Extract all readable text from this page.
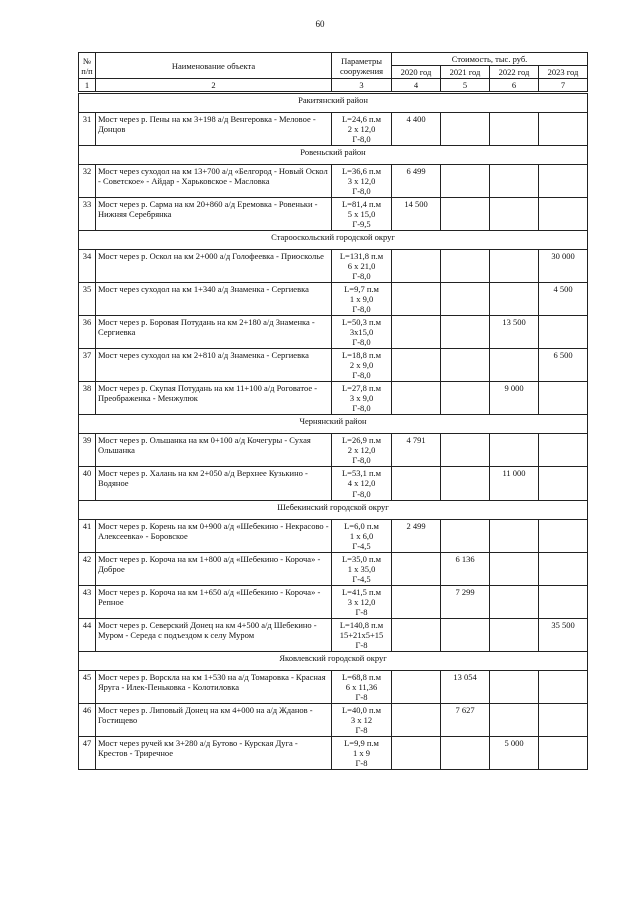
60
№ п/п	Наименование объекта	Параметры сооружения	Стоимость, тыс. руб.			
			2020 год	2021 год	2022 год	2023 год
1	2	3	4	5	6	7
Ракитянский район						
31	Мост через р. Пены на км 3+198 а/д Венгеровка - Меловое - Донцов	L=24,6 п.м
2 х 12,0
Г-8,0	4 400			
Ровеньский район						
32	Мост через суходол на км 13+700 а/д «Белгород - Новый Оскол - Советское» - Айдар - Харьковское - Масловка	L=36,6 п.м
3 х 12,0
Г-8,0	6 499			
33	Мост через р. Сарма на км 20+860 а/д Еремовка - Ровеньки - Нижняя Серебрянка	L=81,4 п.м
5 х 15,0
Г-9,5	14 500			
Старооскольский городской округ						
34	Мост через р. Оскол на км 2+000 а/д Голофеевка - Приосколье	L=131,8 п.м
6 х 21,0
Г-8,0				30 000
35	Мост через суходол на км 1+340 а/д Знаменка - Сергиевка	L=9,7 п.м
1 х 9,0
Г-8,0				4 500
36	Мост через р. Боровая Потудань на км 2+180 а/д Знаменка - Сергиевка	L=50,3 п.м
3х15,0
Г-8,0			13 500	
37	Мост через суходол на км 2+810 а/д Знаменка - Сергиевка	L=18,8 п.м
2 х 9,0
Г-8,0				6 500
38	Мост через р. Скупая Потудань на км 11+100 а/д Роговатое - Преображенка - Менжулюк	L=27,8 п.м
3 х 9,0
Г-8,0			9 000	
Чернянский район						
39	Мост через р. Ольшанка на км 0+100 а/д Кочегуры - Сухая Ольшанка	L=26,9 п.м
2 х 12,0
Г-8,0	4 791			
40	Мост через р. Халань на км 2+050 а/д Верхнее Кузькино - Водяное	L=53,1 п.м
4 х 12,0
Г-8,0			11 000	
Шебекинский городской округ						
41	Мост через р. Корень на км 0+900 а/д «Шебекино - Некрасово - Алексеевка» - Боровское	L=6,0 п.м
1 х 6,0
Г-4,5	2 499			
42	Мост через р. Короча на км 1+800 а/д «Шебекино - Короча» - Доброе	L=35,0 п.м
1 х 35,0
Г-4,5		6 136		
43	Мост через р. Короча на км 1+650 а/д «Шебекино - Короча» - Репное	L=41,5 п.м
3 х 12,0
Г-8		7 299		
44	Мост через р. Северский Донец на км 4+500 а/д Шебекино - Муром - Середа с подъездом к селу Муром	L=140,8 п.м
15+21х5+15
Г-8				35 500
Яковлевский городской округ						
45	Мост через р. Ворскла на км 1+530 на а/д Томаровка - Красная Яруга - Илек-Пеньковка - Колотиловка	L=68,8 п.м
6 х 11,36
Г-8		13 054		
46	Мост через р. Липовый Донец на км 4+000 на а/д Жданов - Гостищево	L=40,0 п.м
3 х 12
Г-8		7 627		
47	Мост через ручей км 3+280 а/д Бутово - Курская Дуга - Крестов - Триречное	L=9,9 п.м
1 х 9
Г-8			5 000	
